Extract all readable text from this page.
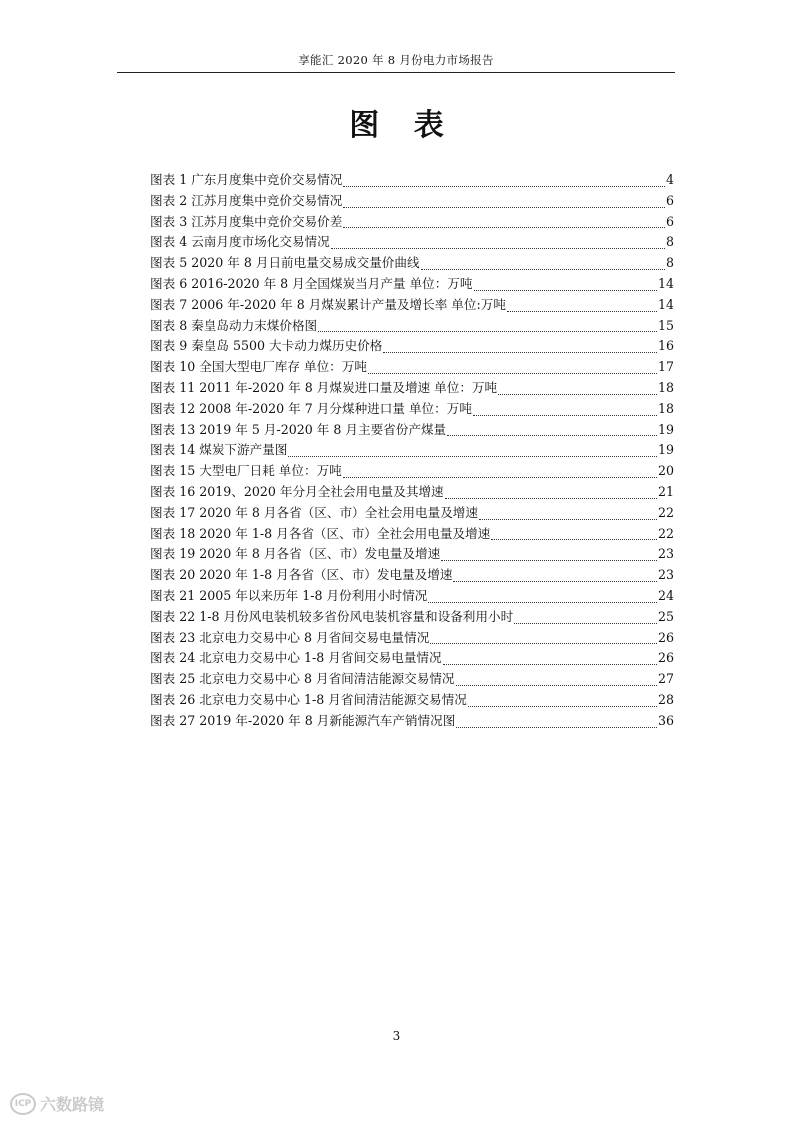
享能汇 2020 年 8 月份电力市场报告
图 表
图表 1 广东月度集中竞价交易情况	4
图表 2 江苏月度集中竞价交易情况	6
图表 3 江苏月度集中竞价交易价差	6
图表 4 云南月度市场化交易情况	8
图表 5 2020 年 8 月日前电量交易成交量价曲线	8
图表 6 2016-2020 年 8 月全国煤炭当月产量 单位：万吨	14
图表 7 2006 年-2020 年 8 月煤炭累计产量及增长率 单位:万吨	14
图表 8 秦皇岛动力末煤价格图	15
图表 9 秦皇岛 5500 大卡动力煤历史价格	16
图表 10 全国大型电厂库存 单位：万吨	17
图表 11 2011 年-2020 年 8 月煤炭进口量及增速 单位：万吨	18
图表 12 2008 年-2020 年 7 月分煤种进口量 单位：万吨	18
图表 13 2019 年 5 月-2020 年 8 月主要省份产煤量	19
图表 14 煤炭下游产量图	19
图表 15 大型电厂日耗 单位：万吨	20
图表 16 2019、2020 年分月全社会用电量及其增速	21
图表 17 2020 年 8 月各省（区、市）全社会用电量及增速	22
图表 18 2020 年 1-8 月各省（区、市）全社会用电量及增速	22
图表 19 2020 年 8 月各省（区、市）发电量及增速	23
图表 20 2020 年 1-8 月各省（区、市）发电量及增速	23
图表 21 2005 年以来历年 1-8 月份利用小时情况	24
图表 22 1-8 月份风电装机较多省份风电装机容量和设备利用小时	25
图表 23 北京电力交易中心 8 月省间交易电量情况	26
图表 24 北京电力交易中心 1-8 月省间交易电量情况	26
图表 25 北京电力交易中心 8 月省间清洁能源交易情况	27
图表 26 北京电力交易中心 1-8 月省间清洁能源交易情况	28
图表 27 2019 年-2020 年 8 月新能源汽车产销情况图	36
3
ICP 六数路镜
